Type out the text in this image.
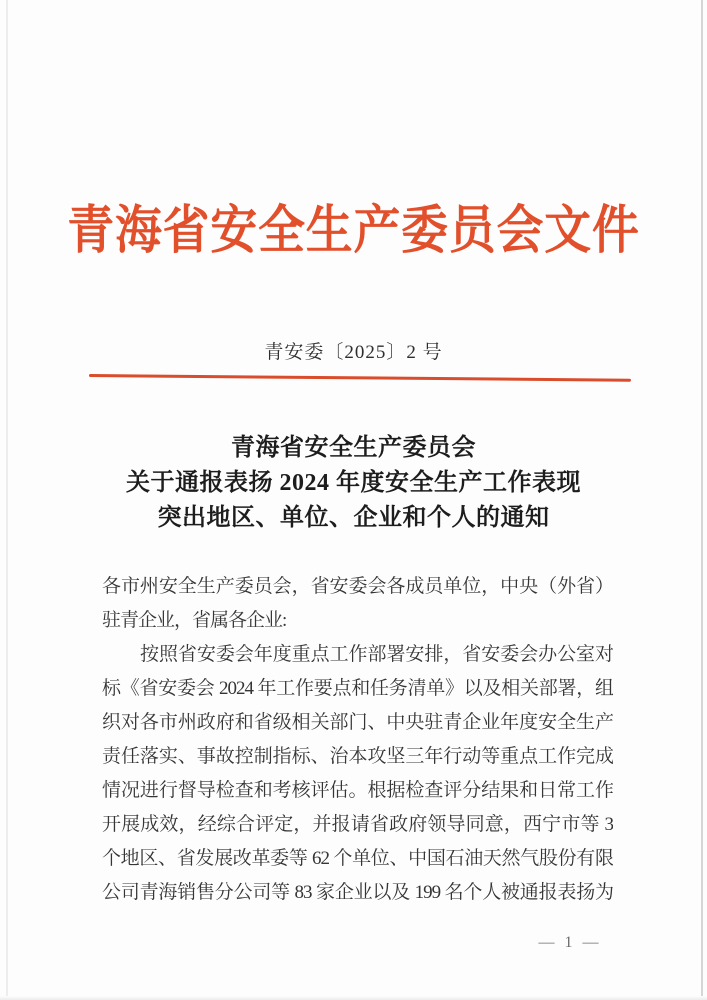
青海省安全生产委员会文件
青安委〔2025〕2 号
青海省安全生产委员会
关于通报表扬 2024 年度安全生产工作表现
突出地区、单位、企业和个人的通知
各市州安全生产委员会，省安委会各成员单位，中央（外省）
驻青企业，省属各企业:
按照省安委会年度重点工作部署安排，省安委会办公室对
标《省安委会 2024 年工作要点和任务清单》以及相关部署，组
织对各市州政府和省级相关部门、中央驻青企业年度安全生产
责任落实、事故控制指标、治本攻坚三年行动等重点工作完成
情况进行督导检查和考核评估。根据检查评分结果和日常工作
开展成效，经综合评定，并报请省政府领导同意，西宁市等 3
个地区、省发展改革委等 62 个单位、中国石油天然气股份有限
公司青海销售分公司等 83 家企业以及 199 名个人被通报表扬为
— 1 —
